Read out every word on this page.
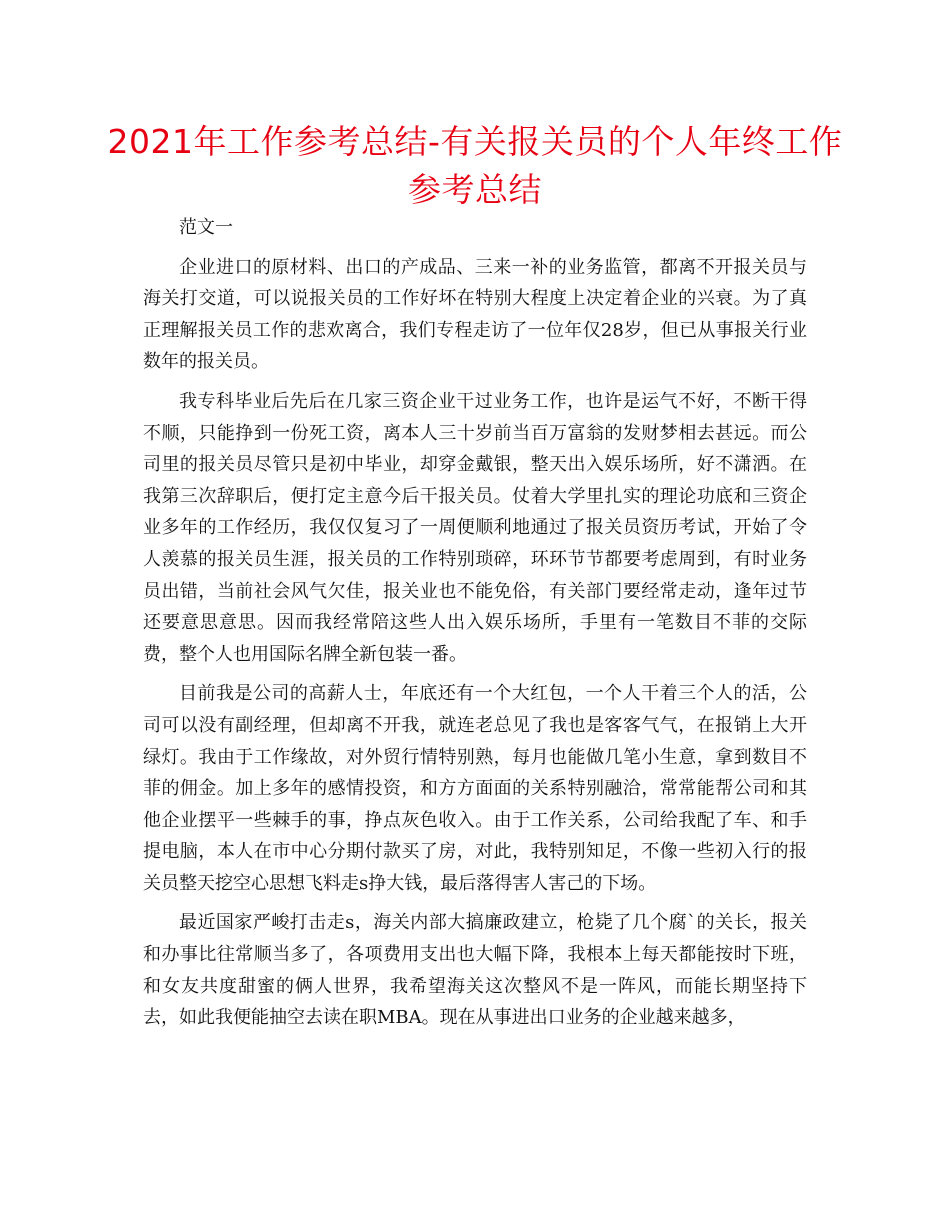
2021年工作参考总结-有关报关员的个人年终工作参考总结

范文一

企业进口的原材料、出口的产成品、三来一补的业务监管，都离不开报关员与海关打交道，可以说报关员的工作好坏在特别大程度上决定着企业的兴衰。为了真正理解报关员工作的悲欢离合，我们专程走访了一位年仅28岁，但已从事报关行业数年的报关员。

我专科毕业后先后在几家三资企业干过业务工作，也许是运气不好，不断干得不顺，只能挣到一份死工资，离本人三十岁前当百万富翁的发财梦相去甚远。而公司里的报关员尽管只是初中毕业，却穿金戴银，整天出入娱乐场所，好不潇洒。在我第三次辞职后，便打定主意今后干报关员。仗着大学里扎实的理论功底和三资企业多年的工作经历，我仅仅复习了一周便顺利地通过了报关员资历考试，开始了令人羡慕的报关员生涯，报关员的工作特别琐碎，环环节节都要考虑周到，有时业务员出错，当前社会风气欠佳，报关业也不能免俗，有关部门要经常走动，逢年过节还要意思意思。因而我经常陪这些人出入娱乐场所，手里有一笔数目不菲的交际费，整个人也用国际名牌全新包装一番。

目前我是公司的高薪人士，年底还有一个大红包，一个人干着三个人的活，公司可以没有副经理，但却离不开我，就连老总见了我也是客客气气，在报销上大开绿灯。我由于工作缘故，对外贸行情特别熟，每月也能做几笔小生意，拿到数目不菲的佣金。加上多年的感情投资，和方方面面的关系特别融洽，常常能帮公司和其他企业摆平一些棘手的事，挣点灰色收入。由于工作关系，公司给我配了车、和手提电脑，本人在市中心分期付款买了房，对此，我特别知足，不像一些初入行的报关员整天挖空心思想飞料走s挣大钱，最后落得害人害己的下场。

最近国家严峻打击走s，海关内部大搞廉政建立，枪毙了几个腐`的关长，报关和办事比往常顺当多了，各项费用支出也大幅下降，我根本上每天都能按时下班，和女友共度甜蜜的俩人世界，我希望海关这次整风不是一阵风，而能长期坚持下去，如此我便能抽空去读在职MBA。现在从事进出口业务的企业越来越多，
